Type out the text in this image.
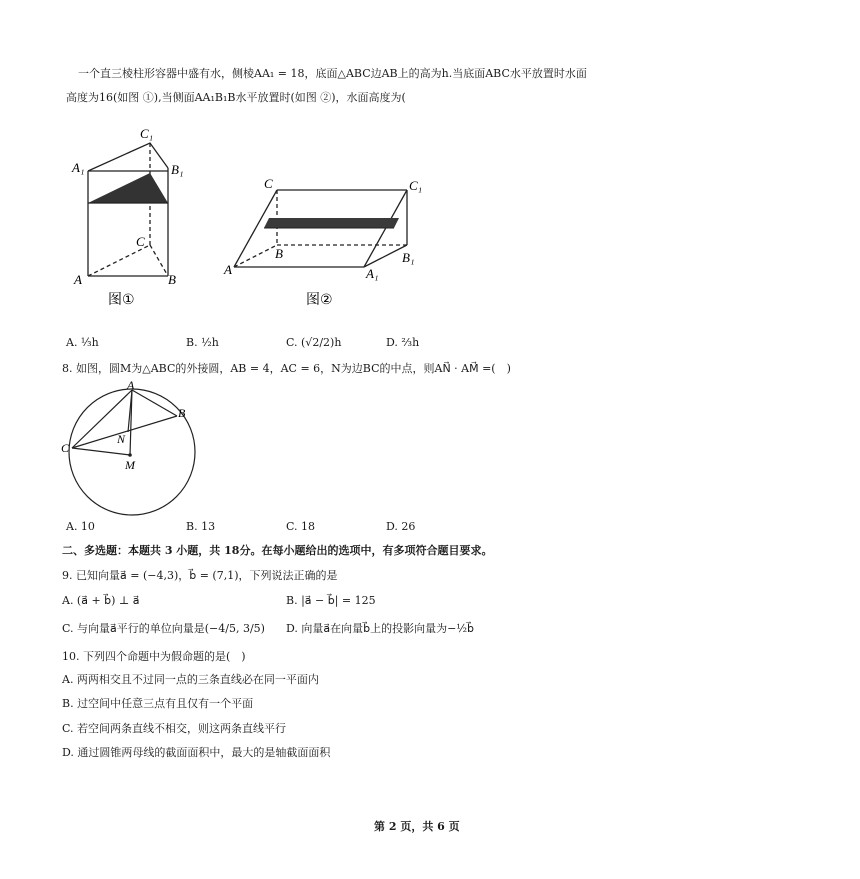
一个直三棱柱形容器中盛有水，侧棱AA₁ = 18，底面△ABC边AB上的高为h.当底面ABC水平放置时水面
高度为16(如图 ①),当侧面AA₁B₁B水平放置时(如图 ②)，水面高度为(
C₁
A₁	B₁
C
A	B
图①
C	C₁
B
A
B₁
A₁
图②
A. ⅓h	B. ½h	C. (√2/2)h	D. ⅔h
8. 如图，圆M为△ABC的外接圆，AB = 4，AC = 6，N为边BC的中点，则AN⃗ · AM⃗ =(　)
A
B
C
N
M
A. 10	B. 13	C. 18	D. 26
二、多选题：本题共 3 小题，共 18分。在每小题给出的选项中，有多项符合题目要求。
9. 已知向量a⃗ = (−4,3)，b⃗ = (7,1)，下列说法正确的是
A. (a⃗ + b⃗) ⊥ a⃗	B. |a⃗ − b⃗| = 125
C. 与向量a⃗平行的单位向量是(−4/5, 3/5) D. 向量a⃗在向量b⃗上的投影向量为−½b⃗
10. 下列四个命题中为假命题的是(　)
A. 两两相交且不过同一点的三条直线必在同一平面内
B. 过空间中任意三点有且仅有一个平面
C. 若空间两条直线不相交，则这两条直线平行
D. 通过圆锥两母线的截面面积中，最大的是轴截面面积
第 2 页，共 6 页
